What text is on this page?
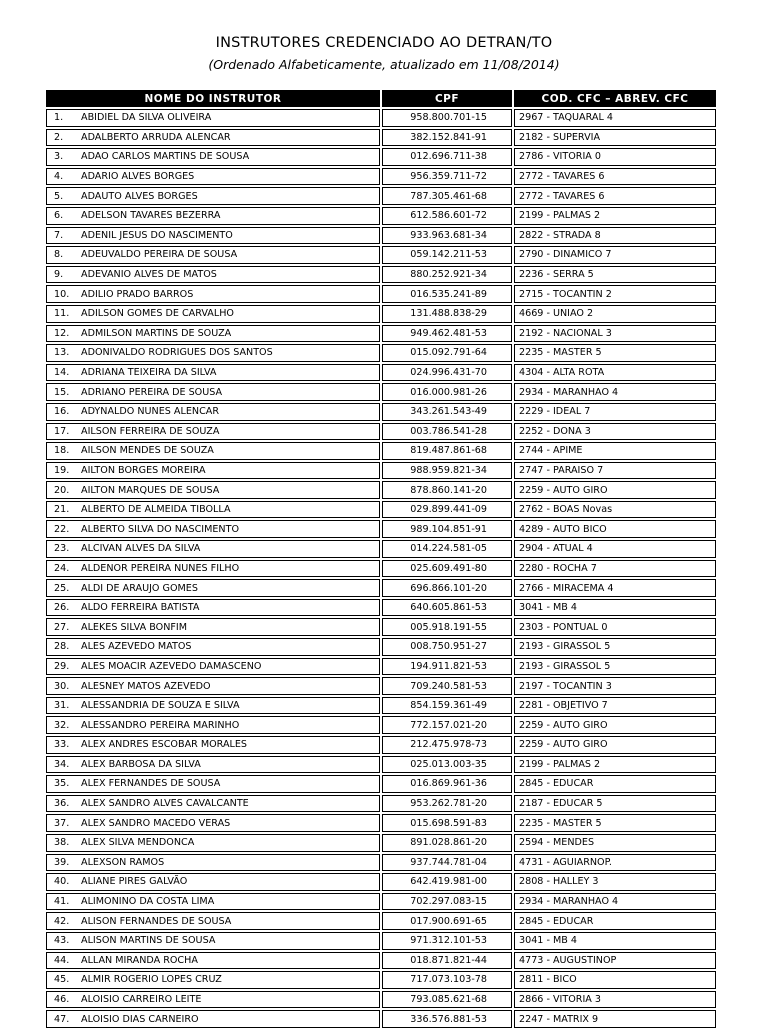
INSTRUTORES CREDENCIADO AO DETRAN/TO
(Ordenado Alfabeticamente, atualizado em 11/08/2014)
NOME DO INSTRUTOR	CPF	COD. CFC – ABREV. CFC
1. ABIDIEL DA SILVA OLIVEIRA	958.800.701-15	2967 - TAQUARAL 4
2. ADALBERTO ARRUDA ALENCAR	382.152.841-91	2182 - SUPERVIA
3. ADAO CARLOS MARTINS DE SOUSA	012.696.711-38	2786 - VITORIA 0
4. ADARIO ALVES BORGES	956.359.711-72	2772 - TAVARES 6
5. ADAUTO ALVES BORGES	787.305.461-68	2772 - TAVARES 6
6. ADELSON TAVARES BEZERRA	612.586.601-72	2199 - PALMAS 2
7. ADENIL JESUS DO NASCIMENTO	933.963.681-34	2822 - STRADA 8
8. ADEUVALDO PEREIRA DE SOUSA	059.142.211-53	2790 - DINAMICO 7
9. ADEVANIO ALVES DE MATOS	880.252.921-34	2236 - SERRA 5
10. ADILIO PRADO BARROS	016.535.241-89	2715 - TOCANTIN 2
11. ADILSON GOMES DE CARVALHO	131.488.838-29	4669 - UNIAO 2
12. ADMILSON MARTINS DE SOUZA	949.462.481-53	2192 - NACIONAL 3
13. ADONIVALDO RODRIGUES DOS SANTOS	015.092.791-64	2235 - MASTER 5
14. ADRIANA TEIXEIRA DA SILVA	024.996.431-70	4304 - ALTA ROTA
15. ADRIANO PEREIRA DE SOUSA	016.000.981-26	2934 - MARANHAO 4
16. ADYNALDO NUNES ALENCAR	343.261.543-49	2229 - IDEAL 7
17. AILSON FERREIRA DE SOUZA	003.786.541-28	2252 - DONA 3
18. AILSON MENDES DE SOUZA	819.487.861-68	2744 - APIME
19. AILTON BORGES MOREIRA	988.959.821-34	2747 - PARAISO 7
20. AILTON MARQUES DE SOUSA	878.860.141-20	2259 - AUTO GIRO
21. ALBERTO DE ALMEIDA TIBOLLA	029.899.441-09	2762 - BOAS Novas
22. ALBERTO SILVA DO NASCIMENTO	989.104.851-91	4289 - AUTO BICO
23. ALCIVAN ALVES DA SILVA	014.224.581-05	2904 - ATUAL 4
24. ALDENOR PEREIRA NUNES FILHO	025.609.491-80	2280 - ROCHA 7
25. ALDI DE ARAUJO GOMES	696.866.101-20	2766 - MIRACEMA 4
26. ALDO FERREIRA BATISTA	640.605.861-53	3041 - MB 4
27. ALEKES SILVA BONFIM	005.918.191-55	2303 - PONTUAL 0
28. ALES AZEVEDO MATOS	008.750.951-27	2193 - GIRASSOL 5
29. ALES MOACIR AZEVEDO DAMASCENO	194.911.821-53	2193 - GIRASSOL 5
30. ALESNEY MATOS AZEVEDO	709.240.581-53	2197 - TOCANTIN 3
31. ALESSANDRIA DE SOUZA E SILVA	854.159.361-49	2281 - OBJETIVO 7
32. ALESSANDRO PEREIRA MARINHO	772.157.021-20	2259 - AUTO GIRO
33. ALEX ANDRES ESCOBAR MORALES	212.475.978-73	2259 - AUTO GIRO
34. ALEX BARBOSA DA SILVA	025.013.003-35	2199 - PALMAS 2
35. ALEX FERNANDES DE SOUSA	016.869.961-36	2845 - EDUCAR
36. ALEX SANDRO ALVES CAVALCANTE	953.262.781-20	2187 - EDUCAR 5
37. ALEX SANDRO MACEDO VERAS	015.698.591-83	2235 - MASTER 5
38. ALEX SILVA MENDONCA	891.028.861-20	2594 - MENDES
39. ALEXSON RAMOS	937.744.781-04	4731 - AGUIARNOP.
40. ALIANE PIRES GALVÃO	642.419.981-00	2808 - HALLEY 3
41. ALIMONINO DA COSTA LIMA	702.297.083-15	2934 - MARANHAO 4
42. ALISON FERNANDES DE SOUSA	017.900.691-65	2845 - EDUCAR
43. ALISON MARTINS DE SOUSA	971.312.101-53	3041 - MB 4
44. ALLAN MIRANDA ROCHA	018.871.821-44	4773 - AUGUSTINOP
45. ALMIR ROGERIO LOPES CRUZ	717.073.103-78	2811 - BICO
46. ALOISIO CARREIRO LEITE	793.085.621-68	2866 - VITORIA 3
47. ALOISIO DIAS CARNEIRO	336.576.881-53	2247 - MATRIX 9
